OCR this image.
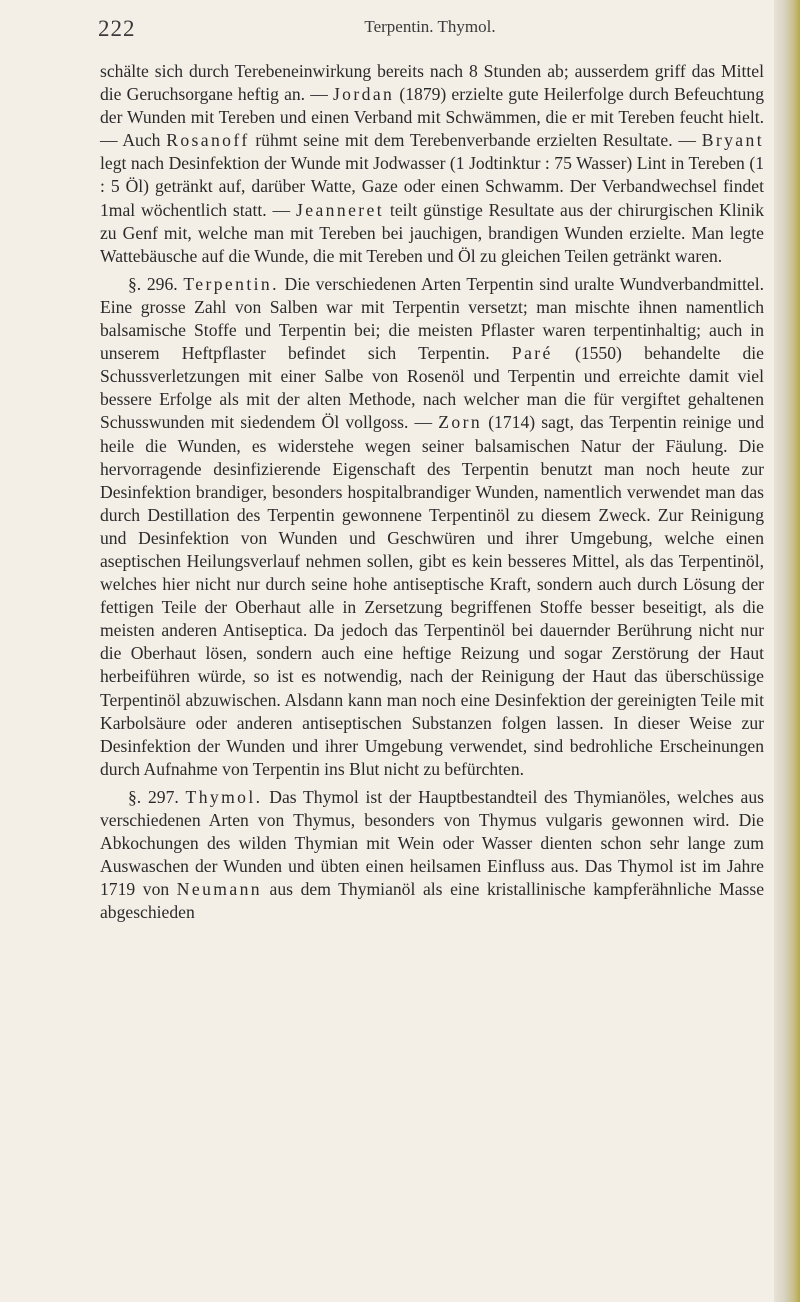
222	Terpentin. Thymol.

schälte sich durch Terebeneinwirkung bereits nach 8 Stunden ab; ausserdem griff das Mittel die Geruchsorgane heftig an. — Jordan (1879) erzielte gute Heilerfolge durch Befeuchtung der Wunden mit Tereben und einen Verband mit Schwämmen, die er mit Tereben feucht hielt. — Auch Rosanoff rühmt seine mit dem Terebenverbande erzielten Resultate. — Bryant legt nach Desinfektion der Wunde mit Jodwasser (1 Jodtinktur : 75 Wasser) Lint in Tereben (1 : 5 Öl) getränkt auf, darüber Watte, Gaze oder einen Schwamm. Der Verbandwechsel findet 1mal wöchentlich statt. — Jeanneret teilt günstige Resultate aus der chirurgischen Klinik zu Genf mit, welche man mit Tereben bei jauchigen, brandigen Wunden erzielte. Man legte Wattebäusche auf die Wunde, die mit Tereben und Öl zu gleichen Teilen getränkt waren.

§. 296. Terpentin. Die verschiedenen Arten Terpentin sind uralte Wundverbandmittel. Eine grosse Zahl von Salben war mit Terpentin versetzt; man mischte ihnen namentlich balsamische Stoffe und Terpentin bei; die meisten Pflaster waren terpentinhaltig; auch in unserem Heftpflaster befindet sich Terpentin. Paré (1550) behandelte die Schussverletzungen mit einer Salbe von Rosenöl und Terpentin und erreichte damit viel bessere Erfolge als mit der alten Methode, nach welcher man die für vergiftet gehaltenen Schusswunden mit siedendem Öl vollgoss. — Zorn (1714) sagt, das Terpentin reinige und heile die Wunden, es widerstehe wegen seiner balsamischen Natur der Fäulung. Die hervorragende desinfizierende Eigenschaft des Terpentin benutzt man noch heute zur Desinfektion brandiger, besonders hospitalbrandiger Wunden, namentlich verwendet man das durch Destillation des Terpentin gewonnene Terpentinöl zu diesem Zweck. Zur Reinigung und Desinfektion von Wunden und Geschwüren und ihrer Umgebung, welche einen aseptischen Heilungsverlauf nehmen sollen, gibt es kein besseres Mittel, als das Terpentinöl, welches hier nicht nur durch seine hohe antiseptische Kraft, sondern auch durch Lösung der fettigen Teile der Oberhaut alle in Zersetzung begriffenen Stoffe besser beseitigt, als die meisten anderen Antiseptica. Da jedoch das Terpentinöl bei dauernder Berührung nicht nur die Oberhaut lösen, sondern auch eine heftige Reizung und sogar Zerstörung der Haut herbeiführen würde, so ist es notwendig, nach der Reinigung der Haut das überschüssige Terpentinöl abzuwischen. Alsdann kann man noch eine Desinfektion der gereinigten Teile mit Karbolsäure oder anderen antiseptischen Substanzen folgen lassen. In dieser Weise zur Desinfektion der Wunden und ihrer Umgebung verwendet, sind bedrohliche Erscheinungen durch Aufnahme von Terpentin ins Blut nicht zu befürchten.

§. 297. Thymol. Das Thymol ist der Hauptbestandteil des Thymianöles, welches aus verschiedenen Arten von Thymus, besonders von Thymus vulgaris gewonnen wird. Die Abkochungen des wilden Thymian mit Wein oder Wasser dienten schon sehr lange zum Auswaschen der Wunden und übten einen heilsamen Einfluss aus. Das Thymol ist im Jahre 1719 von Neumann aus dem Thymianöl als eine kristallinische kampferähnliche Masse abgeschieden
